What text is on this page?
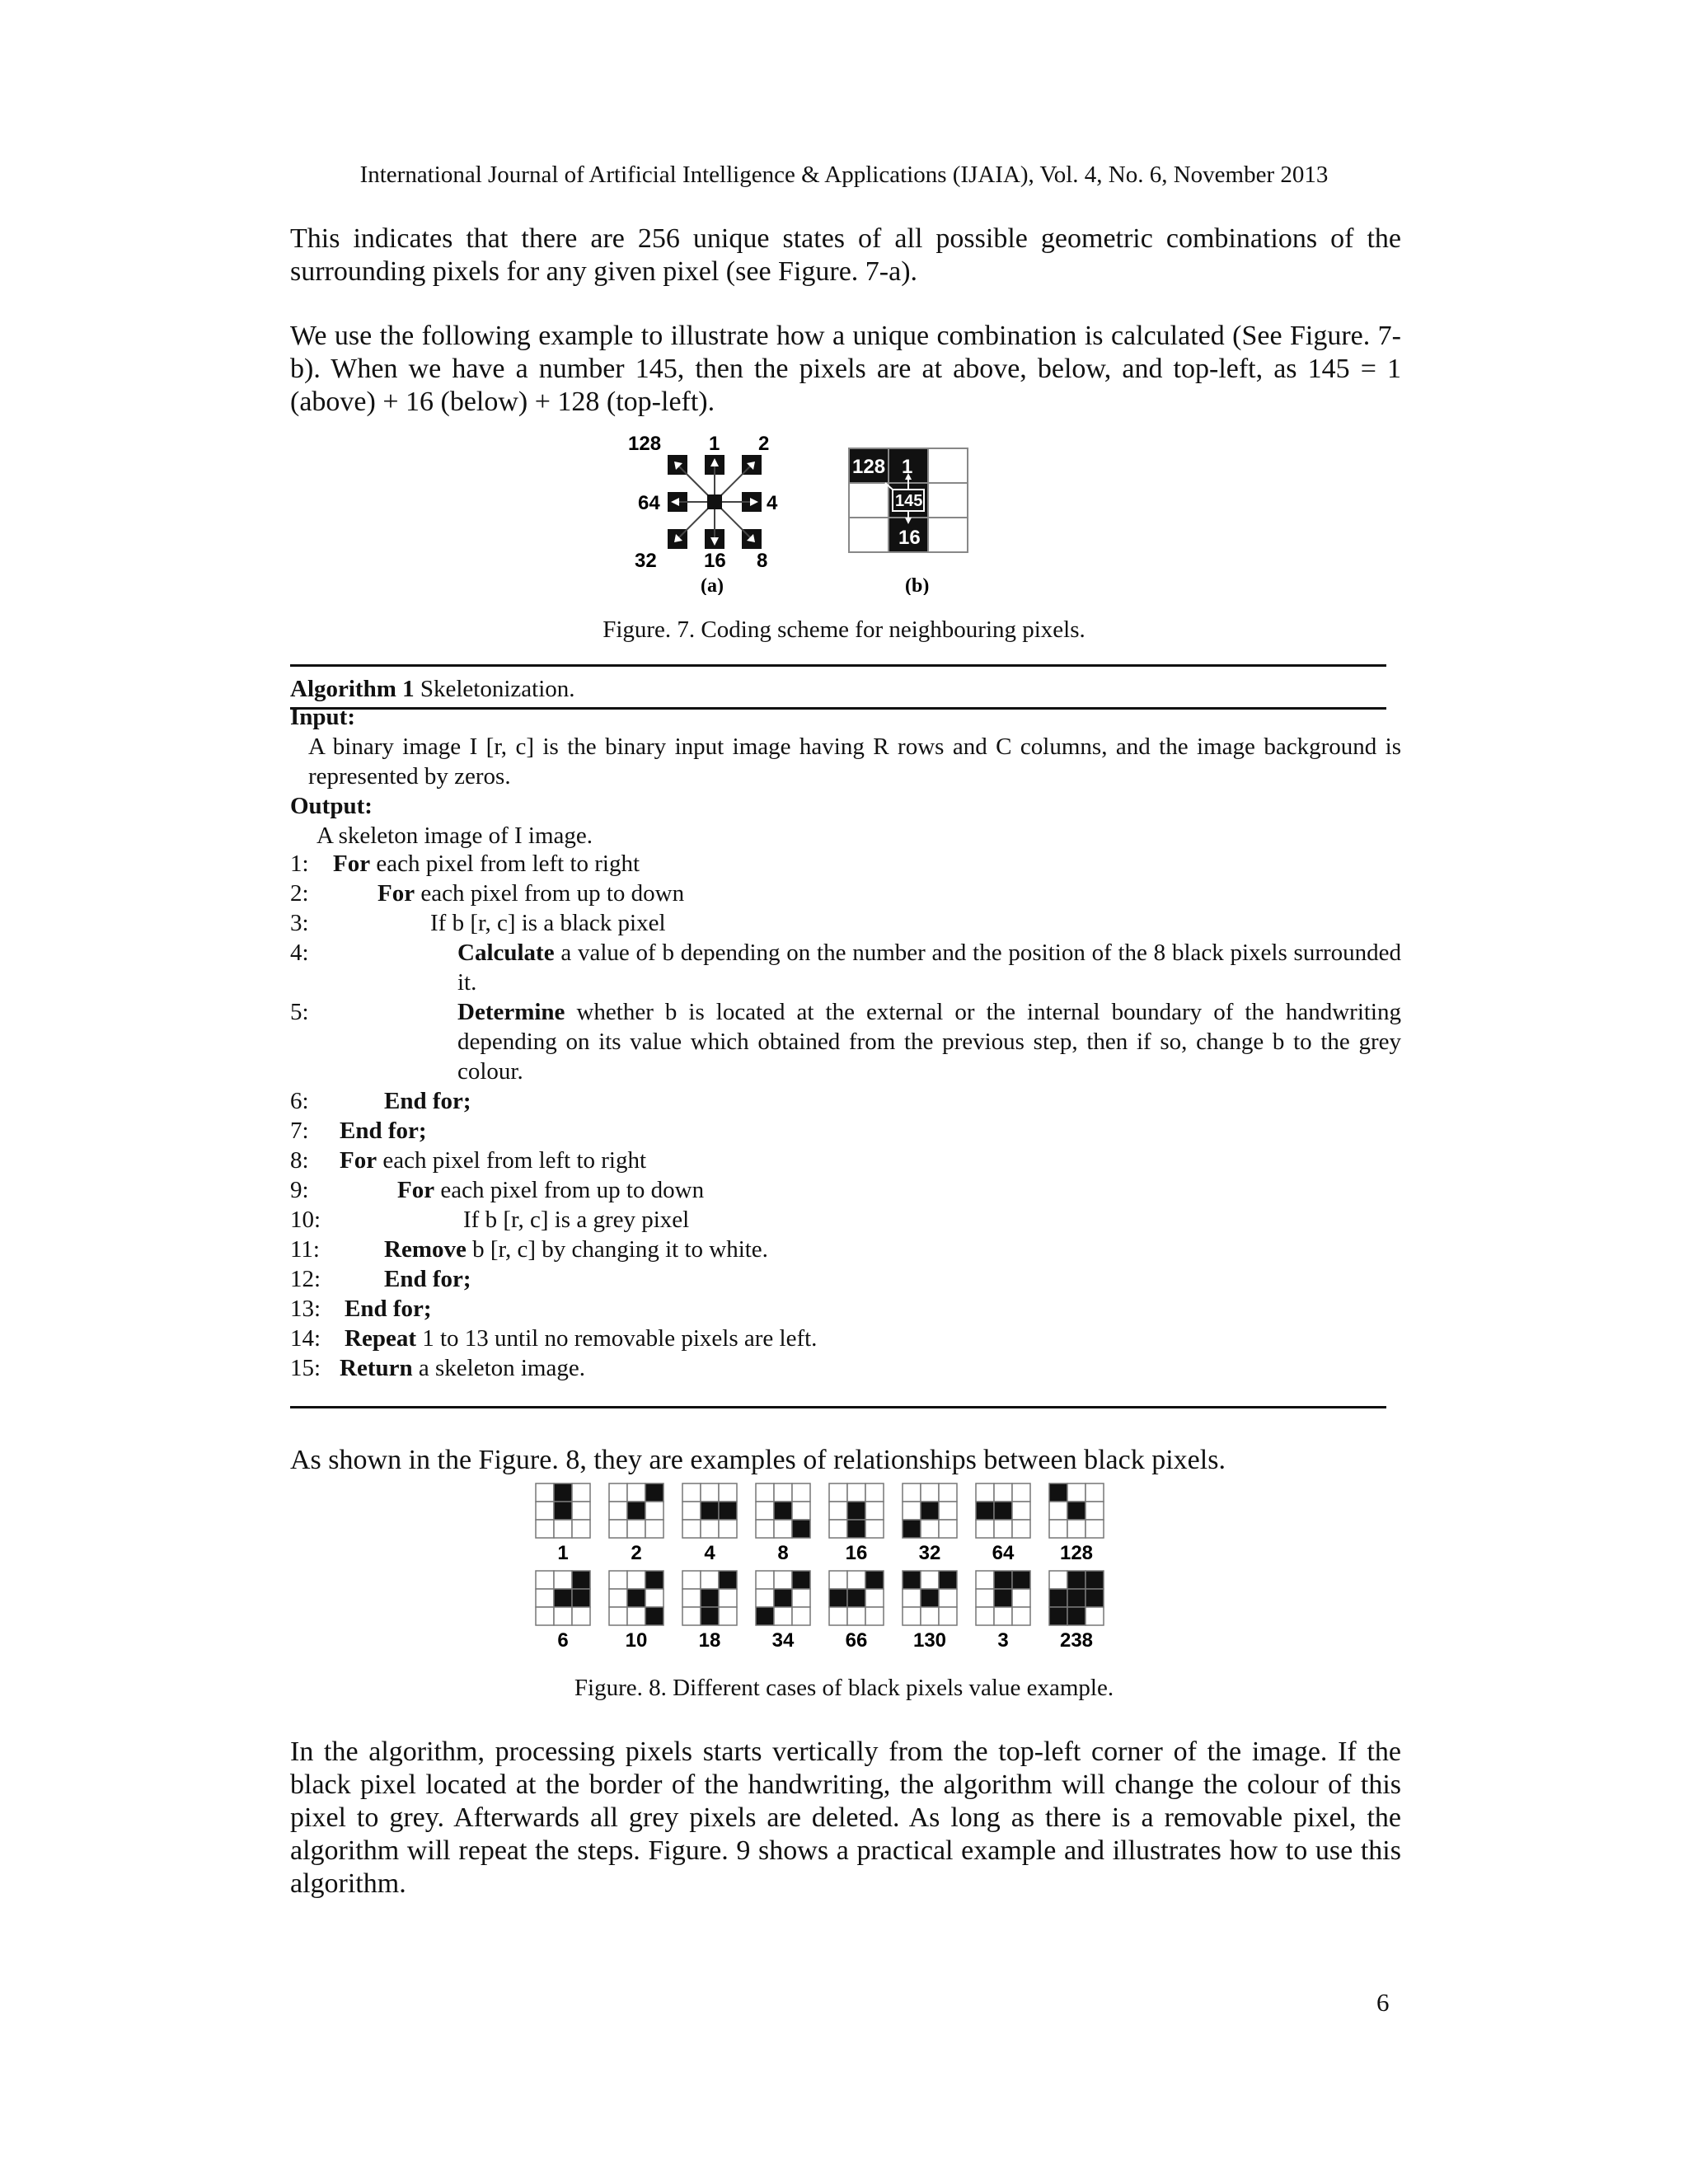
International Journal of Artificial Intelligence & Applications (IJAIA), Vol. 4, No. 6, November 2013
This indicates that there are 256 unique states of all possible geometric combinations of the surrounding pixels for any given pixel (see Figure. 7-a).
We use the following example to illustrate how a unique combination is calculated (See Figure. 7-b). When we have a number 145, then the pixels are at above, below, and top-left, as 145 = 1 (above) + 16 (below) + 128 (top-left).
128 1 2
64	4
32 16 8
128 1
145
16
(a)	(b)
Figure. 7. Coding scheme for neighbouring pixels.
Algorithm 1 Skeletonization.
Input:
A binary image I [r, c] is the binary input image having R rows and C columns, and the image background is represented by zeros.
Output:
A skeleton image of I image.
1: For each pixel from left to right
2:	For each pixel from up to down
3:	If b [r, c] is a black pixel
4:	Calculate a value of b depending on the number and the position of the 8 black pixels surrounded it.
5:	Determine whether b is located at the external or the internal boundary of the handwriting depending on its value which obtained from the previous step, then if so, change b to the grey colour.
6:	End for;
7: End for;
8: For each pixel from left to right
9:	For each pixel from up to down
10:	If b [r, c] is a grey pixel
11:	Remove b [r, c] by changing it to white.
12:	End for;
13: End for;
14: Repeat 1 to 13 until no removable pixels are left.
15: Return a skeleton image.
As shown in the Figure. 8, they are examples of relationships between black pixels.
1	2	4	8	16	32	64 128
6	10	18	34	66 130	3	238
Figure. 8. Different cases of black pixels value example.
In the algorithm, processing pixels starts vertically from the top-left corner of the image. If the black pixel located at the border of the handwriting, the algorithm will change the colour of this pixel to grey. Afterwards all grey pixels are deleted. As long as there is a removable pixel, the algorithm will repeat the steps. Figure. 9 shows a practical example and illustrates how to use this algorithm.
6
